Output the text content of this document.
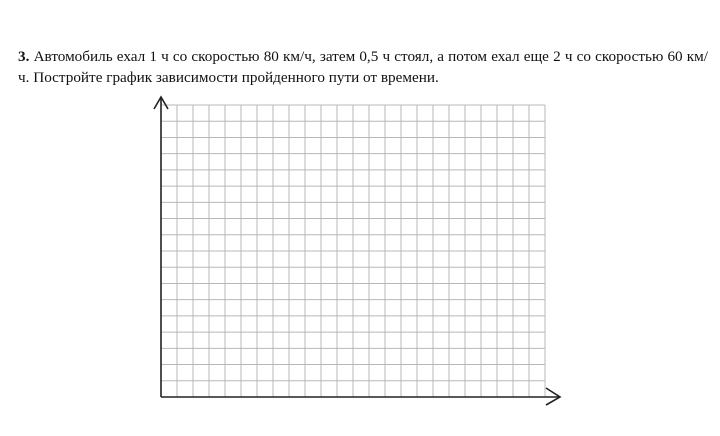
3. Автомобиль ехал 1 ч со скоростью 80 км/ч, затем 0,5 ч стоял, а потом ехал еще 2 ч со скоростью 60 км/ч. Постройте график зависимости пройденного пути от времени.
